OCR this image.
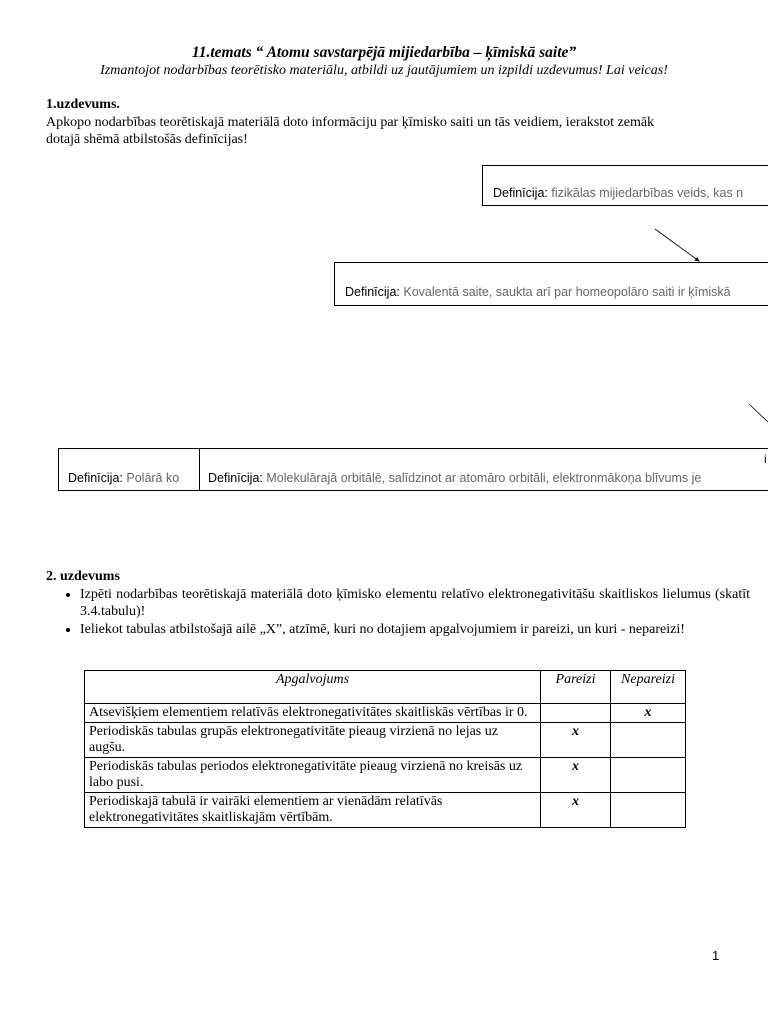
11.temats “ Atomu savstarpējā mijiedarbība – ķīmiskā saite”
Izmantojot nodarbības teorētisko materiālu, atbildi uz jautājumiem un izpildi uzdevumus! Lai veicas!
1.uzdevums.
Apkopo nodarbības teorētiskajā materiālā doto informāciju par ķīmisko saiti un tās veidiem, ierakstot zemāk
dotajā shēmā atbilstošās definīcijas!
Definīcija: fizikālas mijiedarbības veids, kas n
Definīcija: Kovalentā saite, saukta arī par homeopolāro saiti ir ķīmiskā
Definīcija: Polārā ko	Definīcija: Molekulārajā orbitālē, salīdzinot ar atomāro orbitāli, elektronmākoņa blīvums je
i
2. uzdevums
• Izpēti nodarbības teorētiskajā materiālā doto ķīmisko elementu relatīvo elektronegativitāšu skaitliskos lielumus (skatīt 3.4.tabulu)!
• Ieliekot tabulas atbilstošajā ailē „X”, atzīmē, kuri no dotajiem apgalvojumiem ir pareizi, un kuri - nepareizi!
Apgalvojums	Pareizi	Nepareizi
Atsevišķiem elementiem relatīvās elektronegativitātes skaitliskās vērtības ir 0.		x
Periodiskās tabulas grupās elektronegativitāte pieaug virzienā no lejas uz augšu.	x	
Periodiskās tabulas periodos elektronegativitāte pieaug virzienā no kreisās uz labo pusi.	x	
Periodiskajā tabulā ir vairāki elementiem ar vienādām relatīvās elektronegativitātes skaitliskajām vērtībām.	x	
1
